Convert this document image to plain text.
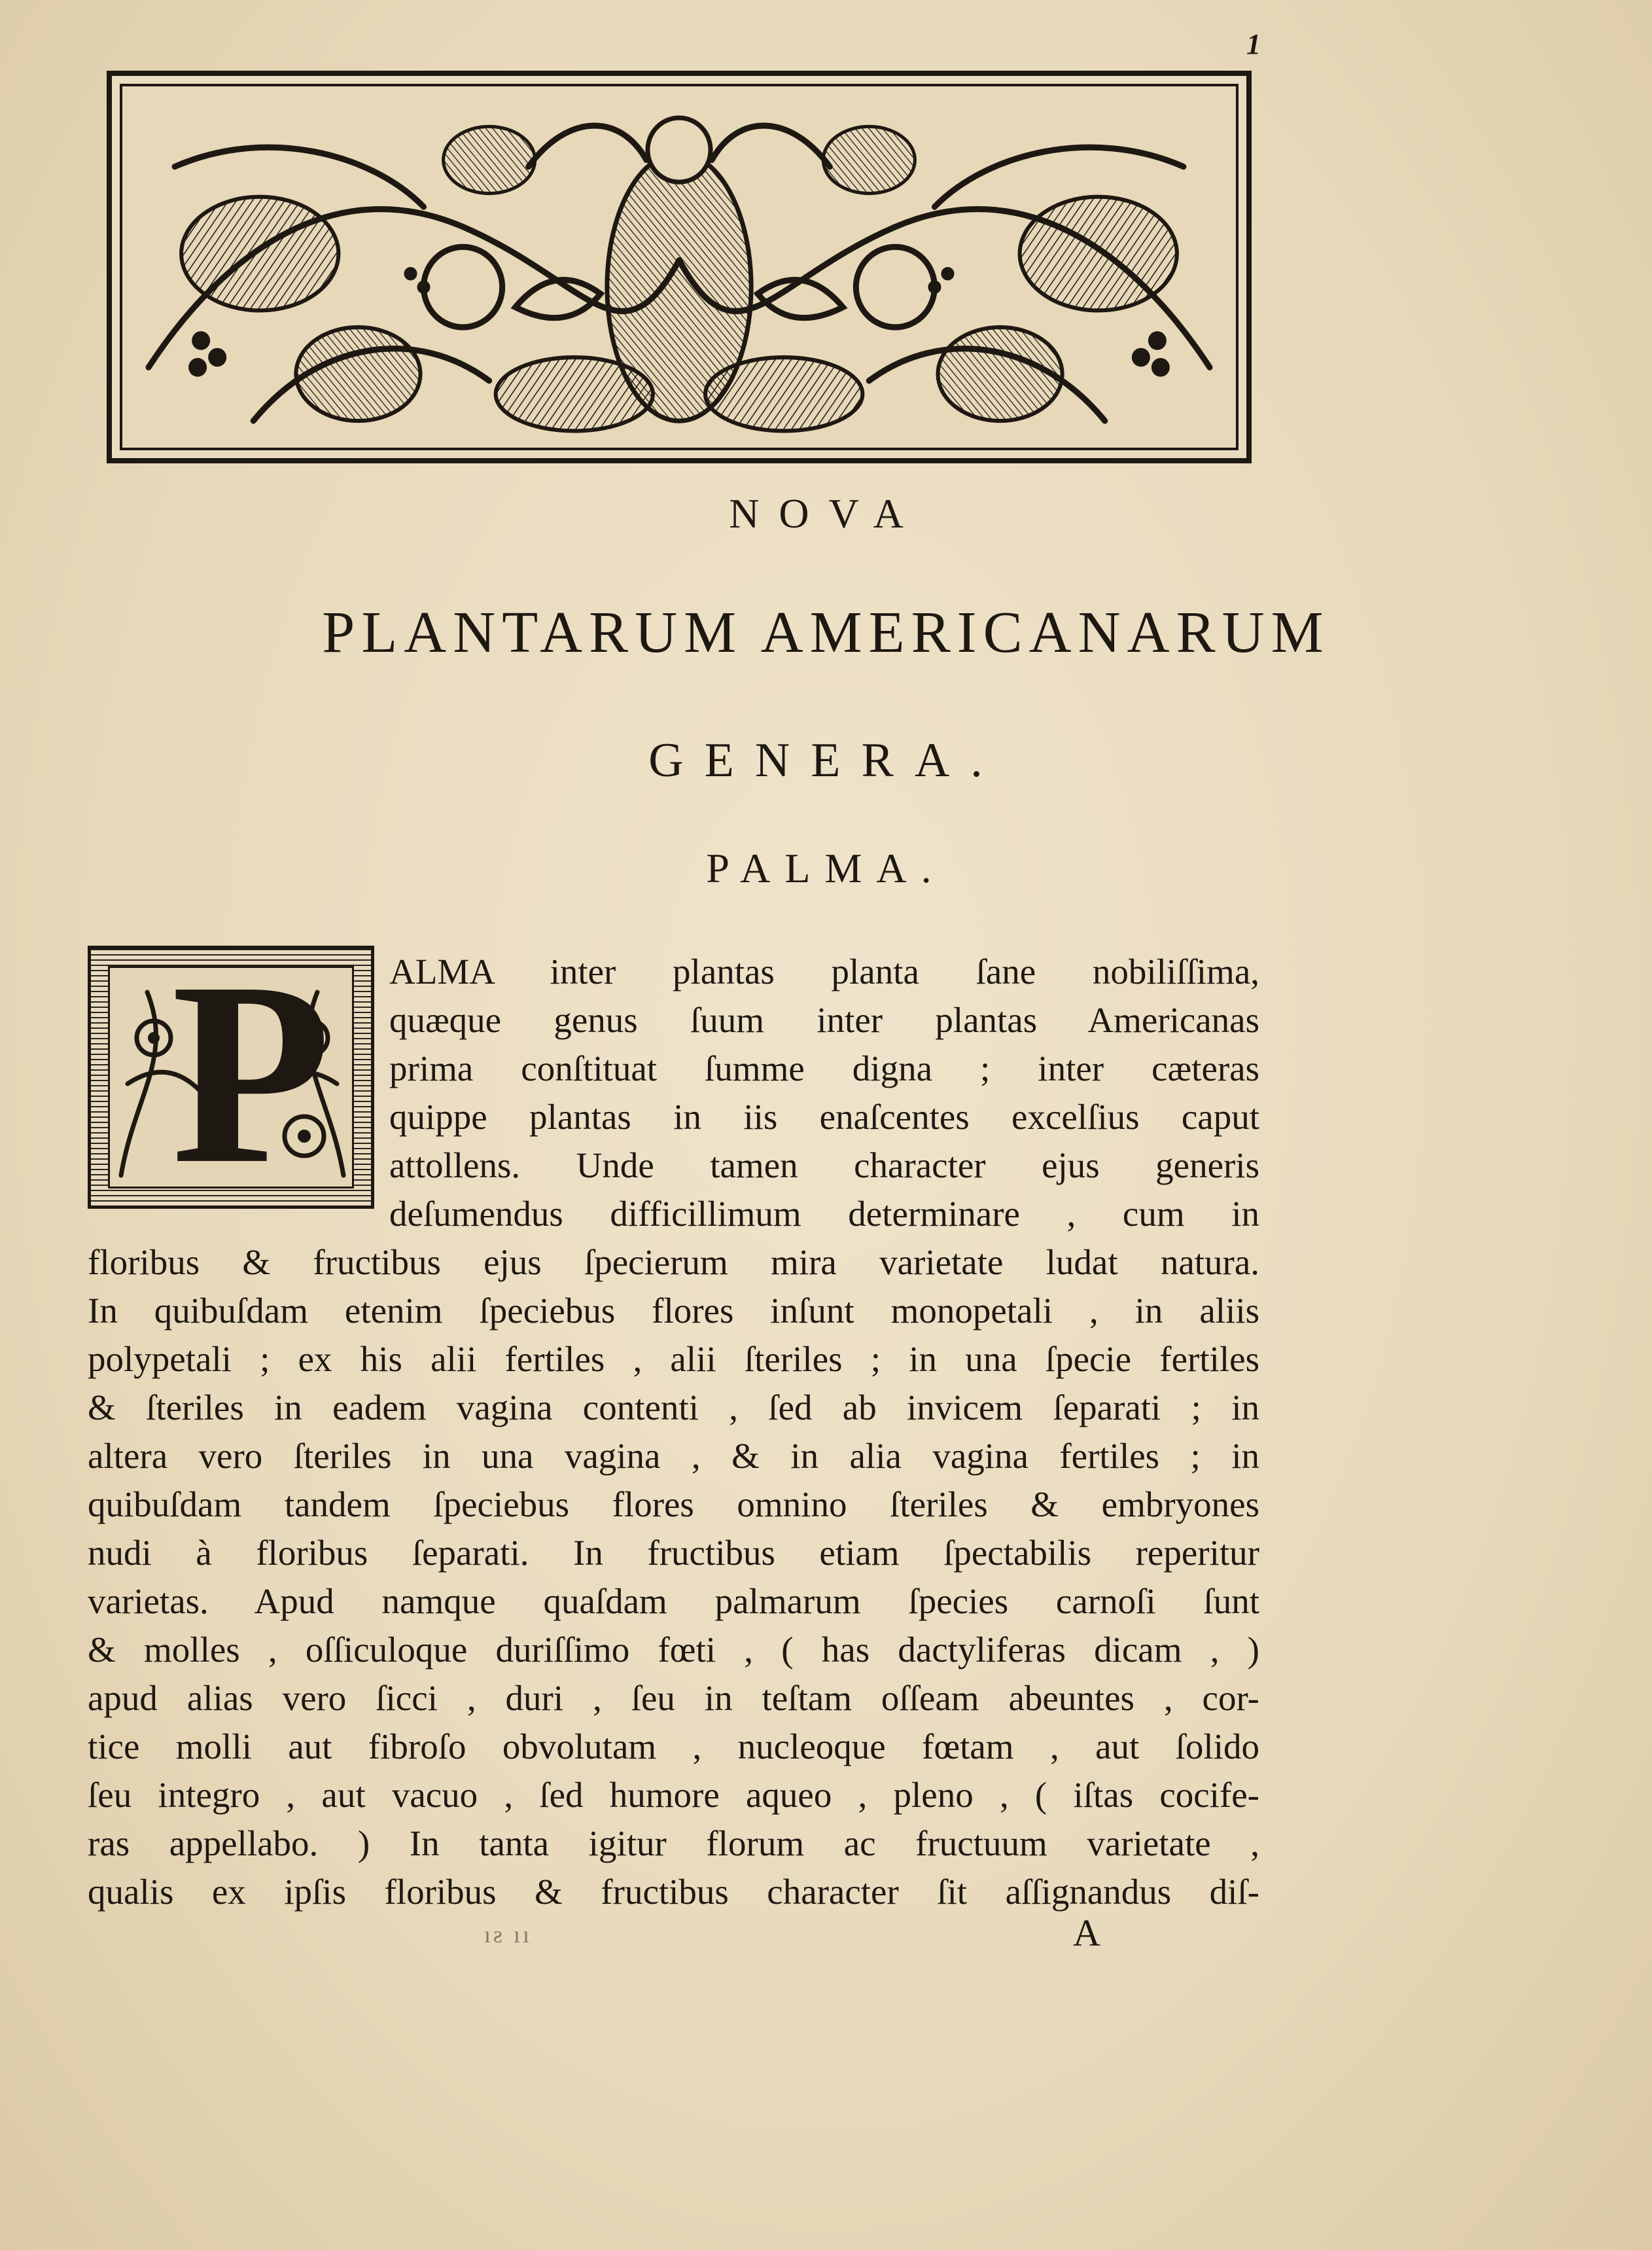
1
NOVA
PLANTARUM AMERICANARUM
GENERA.
PALMA.
P ALMA inter plantas planta ſane nobiliſſima,
quæque genus ſuum inter plantas Americanas
prima conſtituat ſumme digna ; inter cæteras
quippe plantas in iis enaſcentes excelſius caput
attollens. Unde tamen character ejus generis
deſumendus difficillimum determinare , cum in
floribus & fructibus ejus ſpecierum mira varietate ludat natura.
In quibuſdam etenim ſpeciebus flores inſunt monopetali , in aliis
polypetali ; ex his alii fertiles , alii ſteriles ; in una ſpecie fertiles
& ſteriles in eadem vagina contenti , ſed ab invicem ſeparati ; in
altera vero ſteriles in una vagina , & in alia vagina fertiles ; in
quibuſdam tandem ſpeciebus flores omnino ſteriles & embryones
nudi à floribus ſeparati. In fructibus etiam ſpectabilis reperitur
varietas. Apud namque quaſdam palmarum ſpecies carnoſi ſunt
& molles , oſſiculoque duriſſimo fœti , ( has dactyliferas dicam , )
apud alias vero ſicci , duri , ſeu in teſtam oſſeam abeuntes , cor-
tice molli aut fibroſo obvolutam , nucleoque fœtam , aut ſolido
ſeu integro , aut vacuo , ſed humore aqueo , pleno , ( iſtas cocife-
ras appellabo. ) In tanta igitur florum ac fructuum varietate ,
qualis ex ipſis floribus & fructibus character ſit aſſignandus diſ-
ıƨ ıı	A
